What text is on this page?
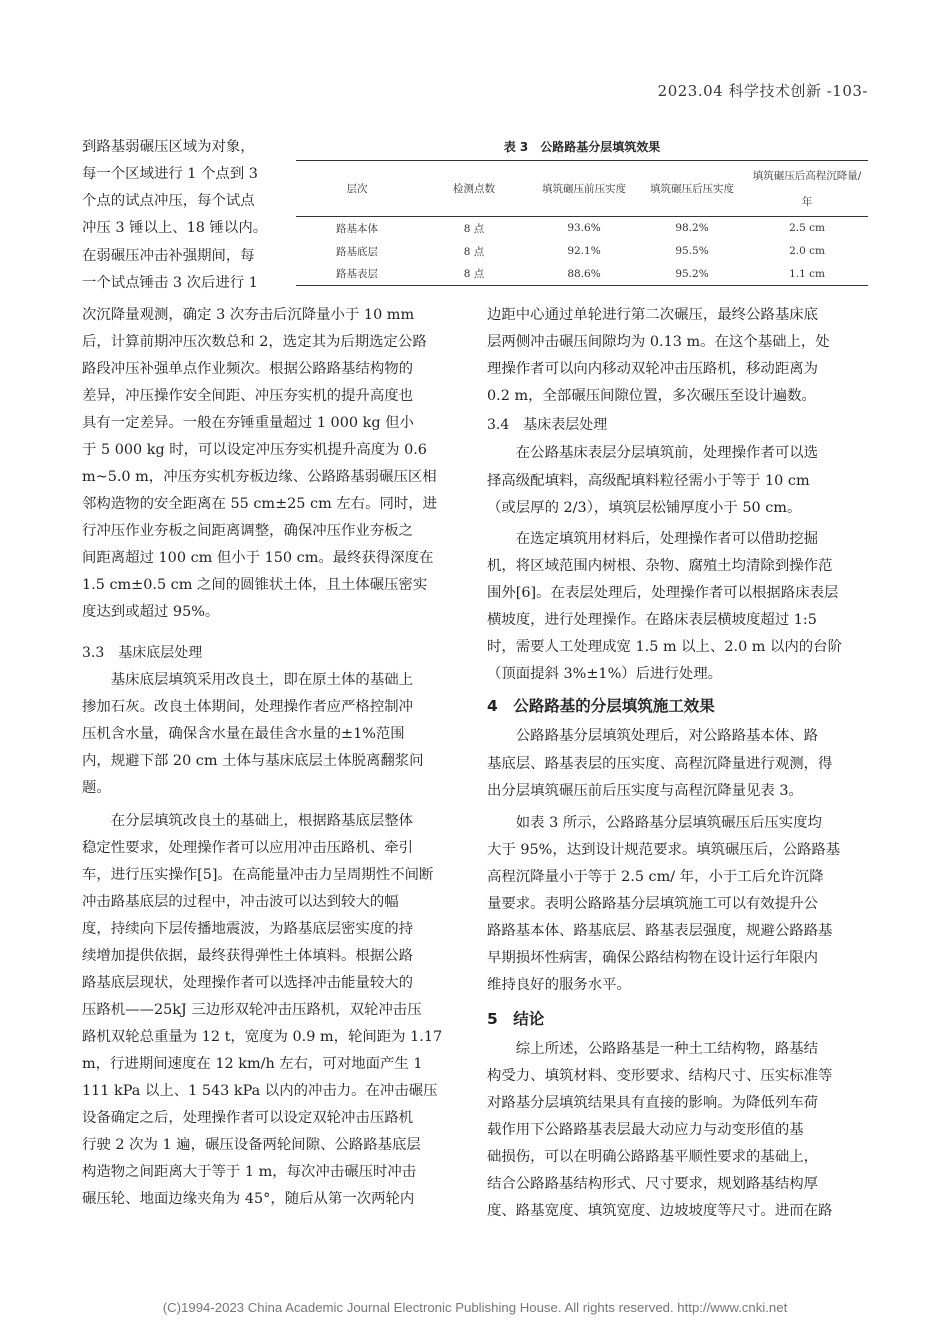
2023.04 科学技术创新 ‐103‐
到路基弱碾压区域为对象，
每一个区域进行 1 个点到 3
个点的试点冲压，每个试点
冲压 3 锤以上、18 锤以内。
在弱碾压冲击补强期间，每
一个试点锤击 3 次后进行 1
次沉降量观测，确定 3 次夯击后沉降量小于 10 mm
后，计算前期冲压次数总和 2，选定其为后期选定公路
路段冲压补强单点作业频次。根据公路路基结构物的
差异，冲压操作安全间距、冲压夯实机的提升高度也
具有一定差异。一般在夯锤重量超过 1 000 kg 但小
于 5 000 kg 时，可以设定冲压夯实机提升高度为 0.6
m~5.0 m，冲压夯实机夯板边缘、公路路基弱碾压区相
邻构造物的安全距离在 55 cm±25 cm 左右。同时，进
行冲压作业夯板之间距离调整，确保冲压作业夯板之
间距离超过 100 cm 但小于 150 cm。最终获得深度在
1.5 cm±0.5 cm 之间的圆锥状土体，且土体碾压密实
度达到或超过 95%。
3.3　基床底层处理
　　基床底层填筑采用改良土，即在原土体的基础上
掺加石灰。改良土体期间，处理操作者应严格控制冲
压机含水量，确保含水量在最佳含水量的±1%范围
内，规避下部 20 cm 土体与基床底层土体脱离翻浆问
题。
　　在分层填筑改良土的基础上，根据路基底层整体
稳定性要求，处理操作者可以应用冲击压路机、牵引
车，进行压实操作[5]。在高能量冲击力呈周期性不间断
冲击路基底层的过程中，冲击波可以达到较大的幅
度，持续向下层传播地震波，为路基底层密实度的持
续增加提供依据，最终获得弹性土体填料。根据公路
路基底层现状，处理操作者可以选择冲击能量较大的
压路机——25kJ 三边形双轮冲击压路机，双轮冲击压
路机双轮总重量为 12 t，宽度为 0.9 m，轮间距为 1.17
m，行进期间速度在 12 km/h 左右，可对地面产生 1
111 kPa 以上、1 543 kPa 以内的冲击力。在冲击碾压
设备确定之后，处理操作者可以设定双轮冲击压路机
行驶 2 次为 1 遍，碾压设备两轮间隙、公路路基底层
构造物之间距离大于等于 1 m，每次冲击碾压时冲击
碾压轮、地面边缘夹角为 45°，随后从第一次两轮内
表 3　公路路基分层填筑效果
层次	检测点数	填筑碾压前压实度	填筑碾压后压实度	填筑碾压后高程沉降量/年
路基本体	8 点	93.6%	98.2%	2.5 cm
路基底层	8 点	92.1%	95.5%	2.0 cm
路基表层	8 点	88.6%	95.2%	1.1 cm
边距中心通过单轮进行第二次碾压，最终公路基床底
层两侧冲击碾压间隙均为 0.13 m。在这个基础上，处
理操作者可以向内移动双轮冲击压路机，移动距离为
0.2 m，全部碾压间隙位置，多次碾压至设计遍数。
3.4　基床表层处理
　　在公路基床表层分层填筑前，处理操作者可以选
择高级配填料，高级配填料粒径需小于等于 10 cm
（或层厚的 2/3），填筑层松铺厚度小于 50 cm。
　　在选定填筑用材料后，处理操作者可以借助挖掘
机，将区域范围内树根、杂物、腐殖土均清除到操作范
围外[6]。在表层处理后，处理操作者可以根据路床表层
横坡度，进行处理操作。在路床表层横坡度超过 1:5
时，需要人工处理成宽 1.5 m 以上、2.0 m 以内的台阶
（顶面提斜 3%±1%）后进行处理。
4　公路路基的分层填筑施工效果
　　公路路基分层填筑处理后，对公路路基本体、路
基底层、路基表层的压实度、高程沉降量进行观测，得
出分层填筑碾压前后压实度与高程沉降量见表 3。
　　如表 3 所示，公路路基分层填筑碾压后压实度均
大于 95%，达到设计规范要求。填筑碾压后，公路路基
高程沉降量小于等于 2.5 cm/ 年，小于工后允许沉降
量要求。表明公路路基分层填筑施工可以有效提升公
路路基本体、路基底层、路基表层强度，规避公路路基
早期损坏性病害，确保公路结构物在设计运行年限内
维持良好的服务水平。
5　结论
　　综上所述，公路路基是一种土工结构物，路基结
构受力、填筑材料、变形要求、结构尺寸、压实标准等
对路基分层填筑结果具有直接的影响。为降低列车荷
载作用下公路路基表层最大动应力与动变形值的基
础损伤，可以在明确公路路基平顺性要求的基础上，
结合公路路基结构形式、尺寸要求，规划路基结构厚
度、路基宽度、填筑宽度、边坡坡度等尺寸。进而在路
(C)1994-2023 China Academic Journal Electronic Publishing House. All rights reserved. http://www.cnki.net
